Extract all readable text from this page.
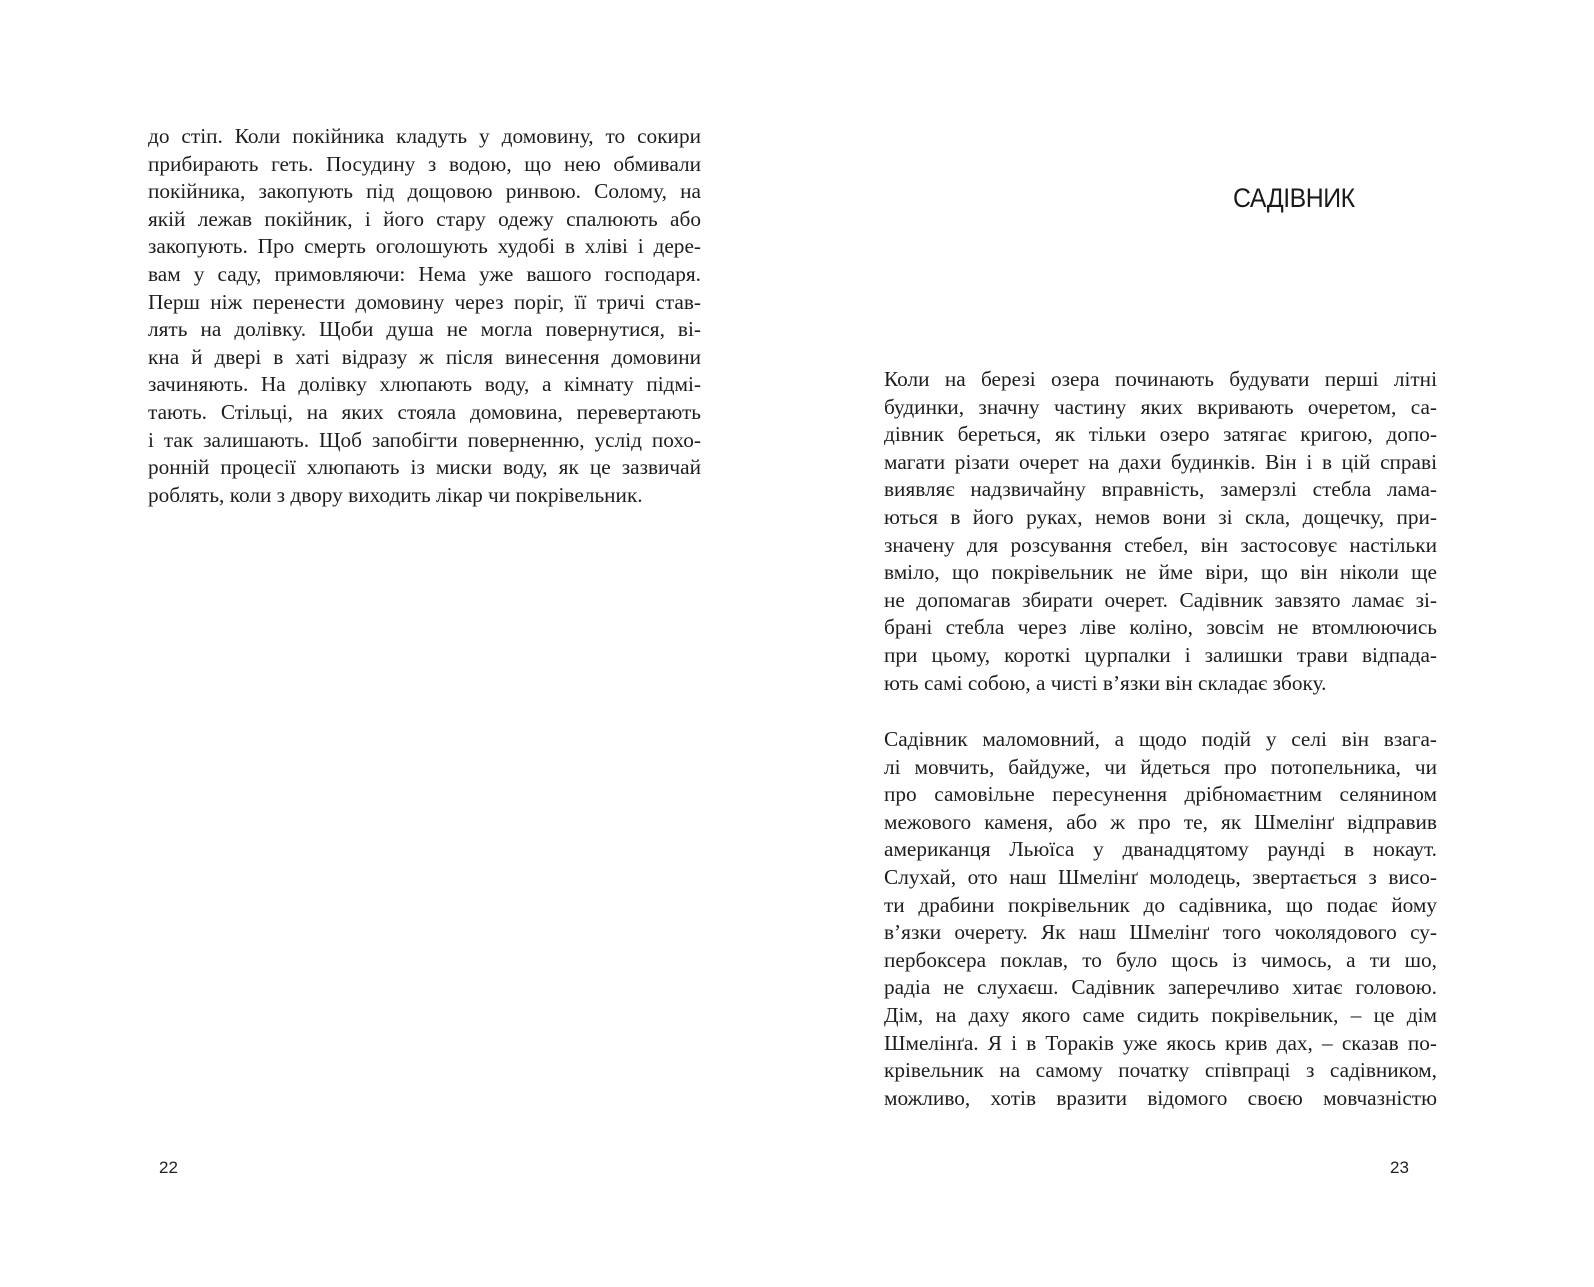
до стіп. Коли покійника кладуть у домовину, то сокири
прибирають геть. Посудину з водою, що нею обмивали
покійника, закопують під дощовою ринвою. Солому, на
якій лежав покійник, і його стару одежу спалюють або
закопують. Про смерть оголошують худобі в хліві і дере-
вам у саду, примовляючи: Нема уже вашого господаря.
Перш ніж перенести домовину через поріг, її тричі став-
лять на долівку. Щоби душа не могла повернутися, ві-
кна й двері в хаті відразу ж після винесення домовини
зачиняють. На долівку хлюпають воду, а кімнату підмі-
тають. Стільці, на яких стояла домовина, перевертають
і так залишають. Щоб запобігти поверненню, услід похо-
ронній процесії хлюпають із миски воду, як це зазвичай
роблять, коли з двору виходить лікар чи покрівельник.
22
САДІВНИК
Коли на березі озера починають будувати перші літні
будинки, значну частину яких вкривають очеретом, са-
дівник береться, як тільки озеро затягає кригою, допо-
магати різати очерет на дахи будинків. Він і в цій справі
виявляє надзвичайну вправність, замерзлі стебла лама-
ються в його руках, немов вони зі скла, дощечку, при-
значену для розсування стебел, він застосовує настільки
вміло, що покрівельник не йме віри, що він ніколи ще
не допомагав збирати очерет. Садівник завзято ламає зі-
брані стебла через ліве коліно, зовсім не втомлюючись
при цьому, короткі цурпалки і залишки трави відпада-
ють самі собою, а чисті в’язки він складає збоку.
Садівник маломовний, а щодо подій у селі він взага-
лі мовчить, байдуже, чи йдеться про потопельника, чи
про самовільне пересунення дрібномаєтним селянином
межового каменя, або ж про те, як Шмелінґ відправив
американця Льюїса у дванадцятому раунді в нокаут.
Слухай, ото наш Шмелінґ молодець, звертається з висо-
ти драбини покрівельник до садівника, що подає йому
в’язки очерету. Як наш Шмелінґ того чоколядового су-
пербоксера поклав, то було щось із чимось, а ти шо,
радіа не слухаєш. Садівник заперечливо хитає головою.
Дім, на даху якого саме сидить покрівельник, – це дім
Шмелінґа. Я і в Тораків уже якось крив дах, – сказав по-
крівельник на самому початку співпраці з садівником,
можливо, хотів вразити відомого своєю мовчазністю
23
